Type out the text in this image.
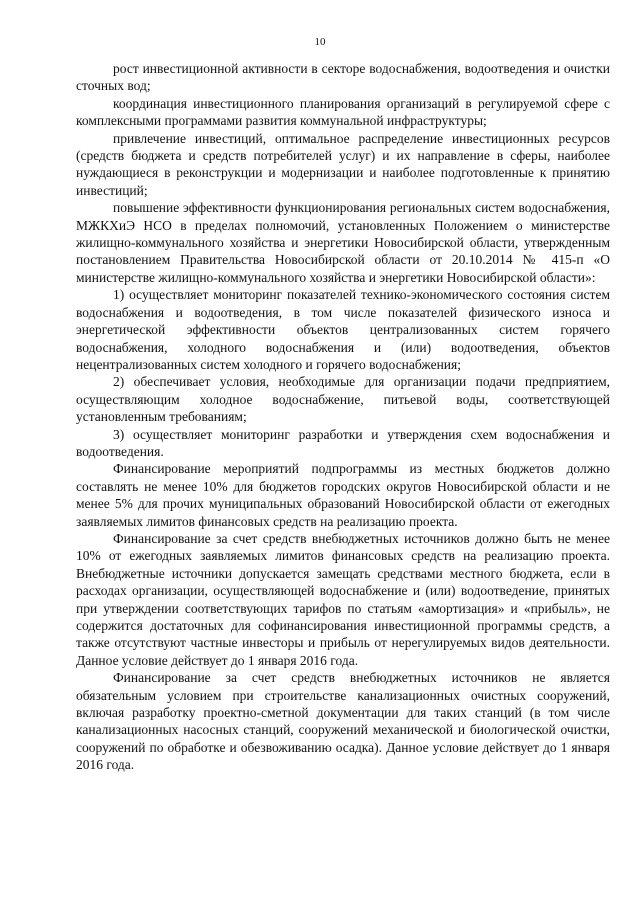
10

рост инвестиционной активности в секторе водоснабжения, водоотведения и очистки сточных вод;

координация инвестиционного планирования организаций в регулируемой сфере с комплексными программами развития коммунальной инфраструктуры;

привлечение инвестиций, оптимальное распределение инвестиционных ресурсов (средств бюджета и средств потребителей услуг) и их направление в сферы, наиболее нуждающиеся в реконструкции и модернизации и наиболее подготовленные к принятию инвестиций;

повышение эффективности функционирования региональных систем водоснабжения, МЖКХиЭ НСО в пределах полномочий, установленных Положением о министерстве жилищно-коммунального хозяйства и энергетики Новосибирской области, утвержденным постановлением Правительства Новосибирской области от 20.10.2014 № 415-п «О министерстве жилищно-коммунального хозяйства и энергетики Новосибирской области»:

1) осуществляет мониторинг показателей технико-экономического состояния систем водоснабжения и водоотведения, в том числе показателей физического износа и энергетической эффективности объектов централизованных систем горячего водоснабжения, холодного водоснабжения и (или) водоотведения, объектов нецентрализованных систем холодного и горячего водоснабжения;

2) обеспечивает условия, необходимые для организации подачи предприятием, осуществляющим холодное водоснабжение, питьевой воды, соответствующей установленным требованиям;

3) осуществляет мониторинг разработки и утверждения схем водоснабжения и водоотведения.

Финансирование мероприятий подпрограммы из местных бюджетов должно составлять не менее 10% для бюджетов городских округов Новосибирской области и не менее 5% для прочих муниципальных образований Новосибирской области от ежегодных заявляемых лимитов финансовых средств на реализацию проекта.

Финансирование за счет средств внебюджетных источников должно быть не менее 10% от ежегодных заявляемых лимитов финансовых средств на реализацию проекта. Внебюджетные источники допускается замещать средствами местного бюджета, если в расходах организации, осуществляющей водоснабжение и (или) водоотведение, принятых при утверждении соответствующих тарифов по статьям «амортизация» и «прибыль», не содержится достаточных для софинансирования инвестиционной программы средств, а также отсутствуют частные инвесторы и прибыль от нерегулируемых видов деятельности. Данное условие действует до 1 января 2016 года.

Финансирование за счет средств внебюджетных источников не является обязательным условием при строительстве канализационных очистных сооружений, включая разработку проектно-сметной документации для таких станций (в том числе канализационных насосных станций, сооружений механической и биологической очистки, сооружений по обработке и обезвоживанию осадка). Данное условие действует до 1 января 2016 года.
